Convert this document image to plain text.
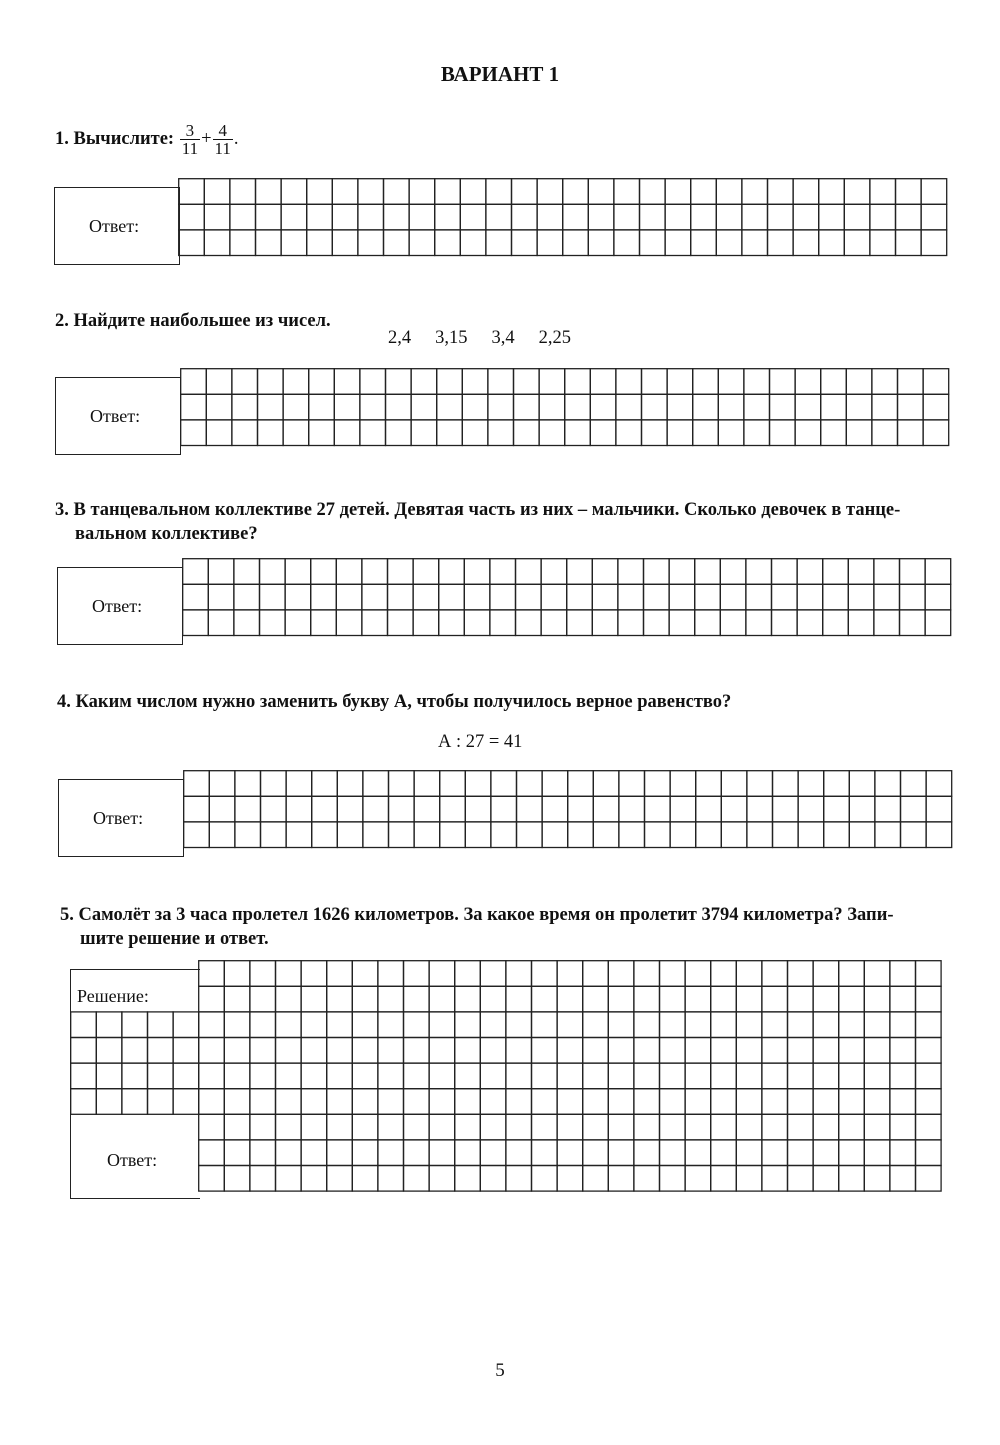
ВАРИАНТ 1
1. Вычислите: $\frac{3}{11} + \frac{4}{11}$ .
Ответ:
2. Найдите наибольшее из чисел.
2,4 3,15 3,4 2,25
Ответ:
3. В танцевальном коллективе 27 детей. Девятая часть из них – мальчики. Сколько девочек в танце-
вальном коллективе?
Ответ:
4. Каким числом нужно заменить букву А, чтобы получилось верное равенство?
А : 27 = 41
Ответ:
5. Самолёт за 3 часа пролетел 1626 километров. За какое время он пролетит 3794 километра? Запи-
шите решение и ответ.
Решение:
Ответ:
5
